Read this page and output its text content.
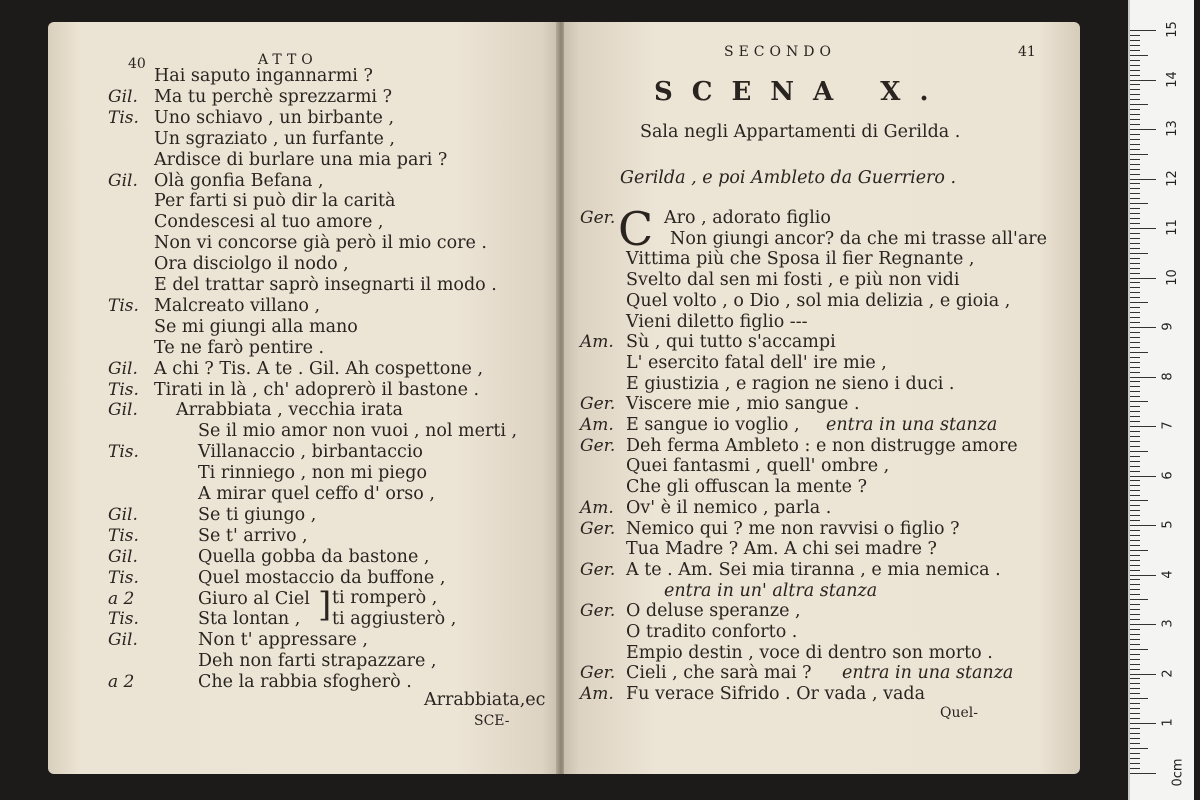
40	ATTO
Hai saputo ingannarmi ?
Gil. Ma tu perchè sprezzarmi ?
Tis. Uno schiavo , un birbante ,
Un sgraziato , un furfante ,
Ardisce di burlare una mia pari ?
Gil. Olà gonfia Befana ,
Per farti si può dir la carità
Condescesi al tuo amore ,
Non vi concorse già però il mio core .
Ora disciolgo il nodo ,
E del trattar saprò insegnarti il modo .
Tis. Malcreato villano ,
Se mi giungi alla mano
Te ne farò pentire .
Gil. A chi ? Tis. A te . Gil. Ah cospettone ,
Tis. Tirati in là , ch' adoprerò il bastone .
Gil. Arrabbiata , vecchia irata
Se il mio amor non vuoi , nol merti ,
Tis.	Villanaccio , birbantaccio
Ti rinniego , non mi piego
A mirar quel ceffo d' orso ,
Gil.	Se ti giungo ,
Tis.	Se t' arrivo ,
Gil.	Quella gobba da bastone ,
Tis.	Quel mostaccio da buffone ,
a 2	Giuro al Ciel
Tis.	Sta lontan ,
Gil.	Non t' appressare ,
Deh non farti strapazzare ,
a 2	Che la rabbia sfogherò .
] ti romperò ,
ti aggiusterò ,
Arrabbiata,ec
SCE-
SECONDO	41
SCENA X.
Sala negli Appartamenti di Gerilda .
Gerilda , e poi Ambleto da Guerriero .
C
Ger.	Aro , adorato figlio
Non giungi ancor? da che mi trasse all'are
Vittima più che Sposa il fier Regnante ,
Svelto dal sen mi fosti , e più non vidi
Quel volto , o Dio , sol mia delizia , e gioia ,
Vieni diletto figlio ---
Am. Sù , qui tutto s'accampi
L' esercito fatal dell' ire mie ,
E giustizia , e ragion ne sieno i duci .
Ger. Viscere mie , mio sangue .
Am. E sangue io voglio , entra in una stanza
Ger. Deh ferma Ambleto : e non distrugge amore
Quei fantasmi , quell' ombre ,
Che gli offuscan la mente ?
Am. Ov' è il nemico , parla .
Ger. Nemico qui ? me non ravvisi o figlio ?
Tua Madre ? Am. A chi sei madre ?
Ger. A te . Am. Sei mia tiranna , e mia nemica .
entra in un' altra stanza
Ger. O deluse speranze ,
O tradito conforto .
Empio destin , voce di dentro son morto .
Ger. Cieli , che sarà mai ? entra in una stanza
Am. Fu verace Sifrido . Or vada , vada
Quel-
15
14
13
12
11
10
9
8
7
6
5
4
3
2
1
0cm
